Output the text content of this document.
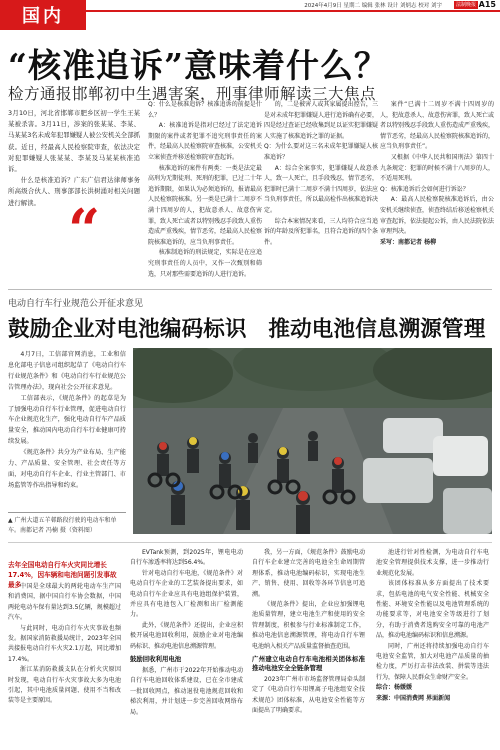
国内	2024年4月9日 星期二 编辑 张林 设计 刘炳志 校对 刘宇	法制晚报 A15
“核准追诉”意味着什么？
检方通报邯郸初中生遇害案，刑事律师解读三大焦点

3月10日，河北省邯郸市肥乡区初一学生王某某被杀害。3月11日，涉案的张某某、李某、马某某3名未成年犯罪嫌疑人被公安机关全部抓获。近日，经最高人民检察院审查，依法决定对犯罪嫌疑人张某某、李某及马某某核准追诉。

什么是核准追诉？广东广信君达律师事务所高级合伙人、刑事部部长洪树涌对相关问题进行解读。 “

Q：什么是核准追诉？核准追诉的前提是什么？

A：核准追诉是指对已经过了法定追诉期限的案件或者犯罪不追究刑事责任的案件，经最高人民检察院审查核准，公安机关立案侦查并移送检察院审查起诉。

核准追诉的案件有两类：一类是法定最高刑为无期徒刑、死刑的犯罪，已过二十年追诉期限，如果认为必须追诉的，报请最高人民检察院核准。另一类是已满十二周岁不满十四周岁的人，犯故意杀人、故意伤害罪，致人死亡或者以特别残忍手段致人重伤造成严重残疾，情节恶劣，经最高人民检察院核准追诉的，应当负刑事责任。

核准制追诉的刑法规定，实际是在应追究刑事责任的人员中，又作一次甄别和筛选，只对那些需要追诉的人进行追诉。

的，二是被害人或其家属提出控告，三是对未成年犯罪嫌疑人进行追诉确有必要，四是经过查证已经收集到足以证实犯罪嫌疑人实施了核准追诉之罪的证据。

Q：为什么要对这三名未成年犯罪嫌疑人核准追诉？

A：综合全案事实，犯罪嫌疑人故意杀人，致一人死亡，且手段残忍，情节恶劣，犯罪时已满十二周岁不满十四周岁，依法应当负刑事责任，所以最高检作出核准追诉决定。

综合本案情况来看，三人均符合应当追诉的年龄及所犯罪名，且符合追诉的四个条件。

案件“已满十二周岁不满十四周岁的人，犯故意杀人、故意伤害罪，致人死亡或者以特别残忍手段致人重伤造成严重残疾，情节恶劣，经最高人民检察院核准追诉的，应当负刑事责任”。

又根据《中华人民共和国刑法》第四十九条规定：犯罪的时候不满十八周岁的人，不适用死刑。

Q：核准追诉后会如何进行诉讼？

A：最高人民检察院核准追诉后，由公安机关继续侦查，侦查终结后移送检察机关审查起诉，依法提起公诉，由人民法院依法审理判决。

采写：南都记者 杨柳

电动自行车行业规范公开征求意见
鼓励企业对电池编码标识　推动电池信息溯源管理

4月7日，工信部官网消息，工业和信息化部电子信息司组织起草了《电动自行车行业规范条件》和《电动自行车行业规范公告管理办法》，现向社会公开征求意见。

工信部表示，《规范条件》的起草是为了加强电动自行车行业管理，促进电动自行车企业规范化生产，强化电动自行车产品质量安全，推动国内电动自行车行业健康可持续发展。

《规范条件》共分为产业布局、生产能力、产品质量、安全管理、社会责任等方面，对电动自行车企业、行业主管部门、市场监管等作出指导和约束。

▲ 广州大道五羊邨路段行驶的电动车和单车。南都记者 冯楠 摄（资料图）
去年全国电动自行车火灾同比增长17.4%，因车辆和电池问题引发事故最多

中国是全球最大的两轮电动车生产国和消费国，据中国自行车协会数据，中国两轮电动车保有量达到3.5亿辆，规模超过汽车。

与此同时，电动自行车火灾事故也频发。据国家消防救援局统计，2023年全国共接报电动自行车火灾2.1万起，同比增加17.4%。

浙江某消防救援支队在分析火灾原因时发现，电动自行车火灾事故大多为电池引起，其中电池质量问题、使用不当和改装等是主要原因。

EVTank预测，到2025年，锂电电动自行车渗透率将达到56.4%。

针对电动自行车电池，《规范条件》对电动自行车企业的工艺装备提出要求，如电动自行车企业应具有电池组保护装置，并应具有电池包入厂检测和出厂检测能力。

此外，《规范条件》还提出，企业应积极开展电池回收利用，鼓励企业对电池编码标识、推动电池信息溯源管理。

鼓励回收利用电池

据悉，广州市于2022年开始推动电动自行车电池回收体系建设，已在全市建成一批回收网点，推动退役电池规范回收和梯次利用，并计划进一步完善回收网络布局。

我，另一方面，《规范条件》鼓励电动自行车企业建立完善的电池全生命周期管理体系，推动电池编码标识，实现电池生产、销售、使用、回收等各环节信息可追溯。

《规范条件》提出，企业应加强锂电池质量管理，建立电池生产和使用的安全管理制度，积极参与行业标准制定工作，推动电池信息溯源管理，将电动自行车锂电池纳入相关产品质量监督抽查范围。

广州建立电动自行车电池相关团体标准 推动电池安全全链条管理

2023年广州市市场监督管理局牵头制定了《电动自行车用锂离子电池组安全技术规范》团体标准，从电池安全性能等方面提出了明确要求。

池进行针对性检测，为电动自行车电池安全管理提供技术支撑，进一步推动行业规范化发展。

该团体标准从多方面提出了技术要求，包括电池的电气安全性能、机械安全性能、环境安全性能以及电池管理系统的功能要求等，对电池安全等级进行了划分，有助于消费者选购安全可靠的电池产品，推动电池编码标识和信息溯源。

同时，广州还将持续加强电动自行车电池安全监管，加大对电池产品质量的抽检力度，严厉打击非法改装、拼装等违法行为，保障人民群众生命财产安全。

综合：杨媛媛

来源：中国消费网 界面新闻
